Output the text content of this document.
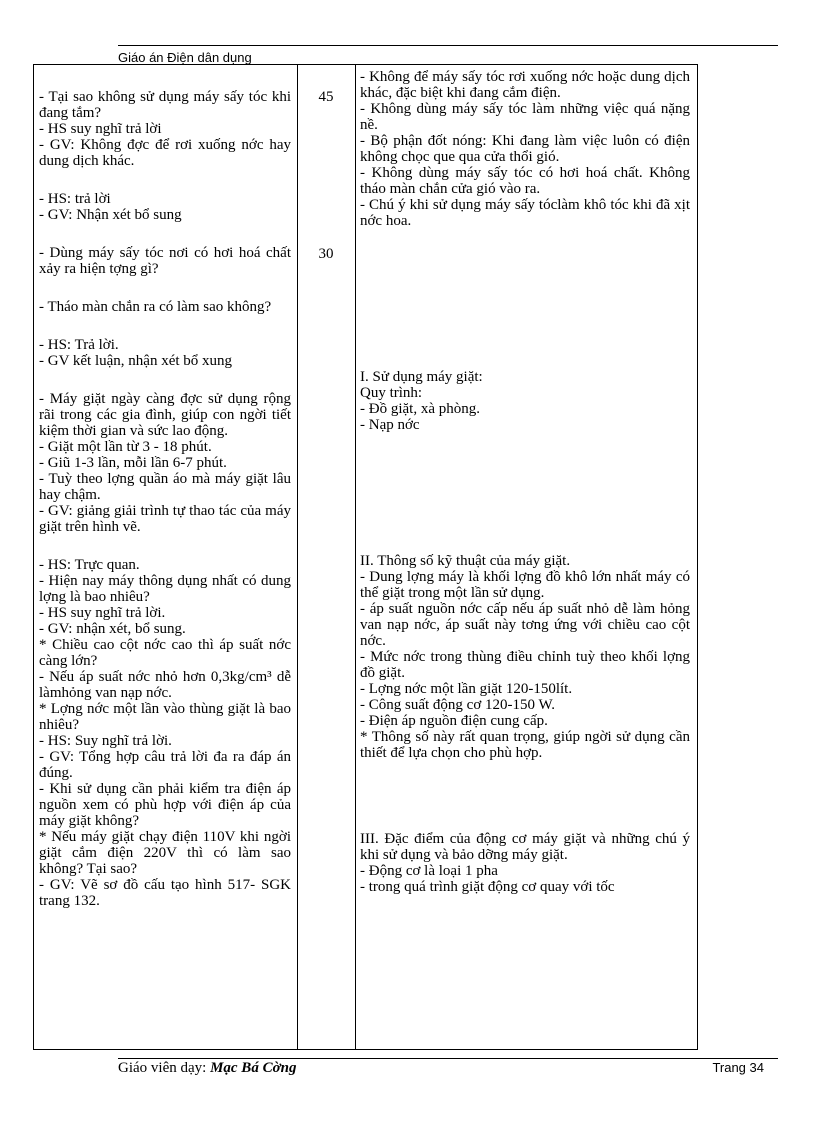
Giáo án Điện dân dụng
45
30

- Tại sao không sử dụng máy sấy tóc khi đang tắm?

- HS suy nghĩ trả lời

- GV: Không đợc để rơi xuống nớc hay dung dịch khác.

- HS: trả lời

- GV: Nhận xét bổ sung

- Dùng máy sấy tóc nơi có hơi hoá chất xảy ra hiện tợng gì?

- Tháo màn chắn ra có làm sao không?

- HS: Trả lời.

- GV kết luận, nhận xét bổ xung

- Máy giặt ngày càng đợc sử dụng rộng rãi trong các gia đình, giúp con ngời tiết kiệm thời gian và sức lao động.

- Giặt một lần từ 3 - 18 phút.

- Giũ 1-3 lần, mỗi lần 6-7 phút.

- Tuỳ theo lợng quần áo mà máy giặt lâu hay chậm.

- GV: giảng giải trình tự thao tác của máy giặt trên hình vẽ.

- HS: Trực quan.

- Hiện nay máy thông dụng nhất có dung lợng là bao nhiêu?

- HS suy nghĩ trả lời.

- GV: nhận xét, bổ sung.

* Chiều cao cột nớc cao thì áp suất nớc càng lớn?

- Nếu áp suất nớc nhỏ hơn 0,3kg/cm³ dễ làmhỏng van nạp nớc.

* Lợng nớc một lần vào thùng giặt là bao nhiêu?

- HS: Suy nghĩ trả lời.

- GV: Tổng hợp câu trả lời đa ra đáp án đúng.

- Khi sử dụng cần phải kiểm tra điện áp nguồn xem có phù hợp với điện áp của máy giặt không?

* Nếu máy giặt chạy điện 110V khi ngời giặt cắm điện 220V thì có làm sao không? Tại sao?

- GV: Vẽ sơ đồ cấu tạo hình 517- SGK trang 132.

- Không để máy sấy tóc rơi xuống nớc hoặc dung dịch khác, đặc biệt khi đang cắm điện.

- Không dùng máy sấy tóc làm những việc quá nặng nề.

- Bộ phận đốt nóng: Khi đang làm việc luôn có điện không chọc que qua cửa thổi gió.

- Không dùng máy sấy tóc có hơi hoá chất. Không tháo màn chắn cửa gió vào ra.

- Chú ý khi sử dụng máy sấy tóclàm khô tóc khi đã xịt nớc hoa.

I. Sử dụng máy giặt:

Quy trình:

- Đồ giặt, xà phòng.

- Nạp nớc

II. Thông số kỹ thuật của máy giặt.

- Dung lợng máy là khối lợng đồ khô lớn nhất máy có thể giặt trong một lần sử dụng.

- áp suất nguồn nớc cấp nếu áp suất nhỏ dễ làm hỏng van nạp nớc, áp suất này tơng ứng với chiều cao cột nớc.

- Mức nớc trong thùng điều chỉnh tuỳ theo khối lợng đồ giặt.

- Lợng nớc một lần giặt 120-150lít.

- Công suất động cơ 120-150 W.

- Điện áp nguồn điện cung cấp.

* Thông số này rất quan trọng, giúp ngời sử dụng cần thiết để lựa chọn cho phù hợp.

III. Đặc điểm của động cơ máy giặt và những chú ý khi sử dụng và bảo dỡng máy giặt.

- Động cơ là loại 1 pha

- trong quá trình giặt động cơ quay với tốc

Giáo viên dạy: Mạc Bá Cờng	Trang 34
